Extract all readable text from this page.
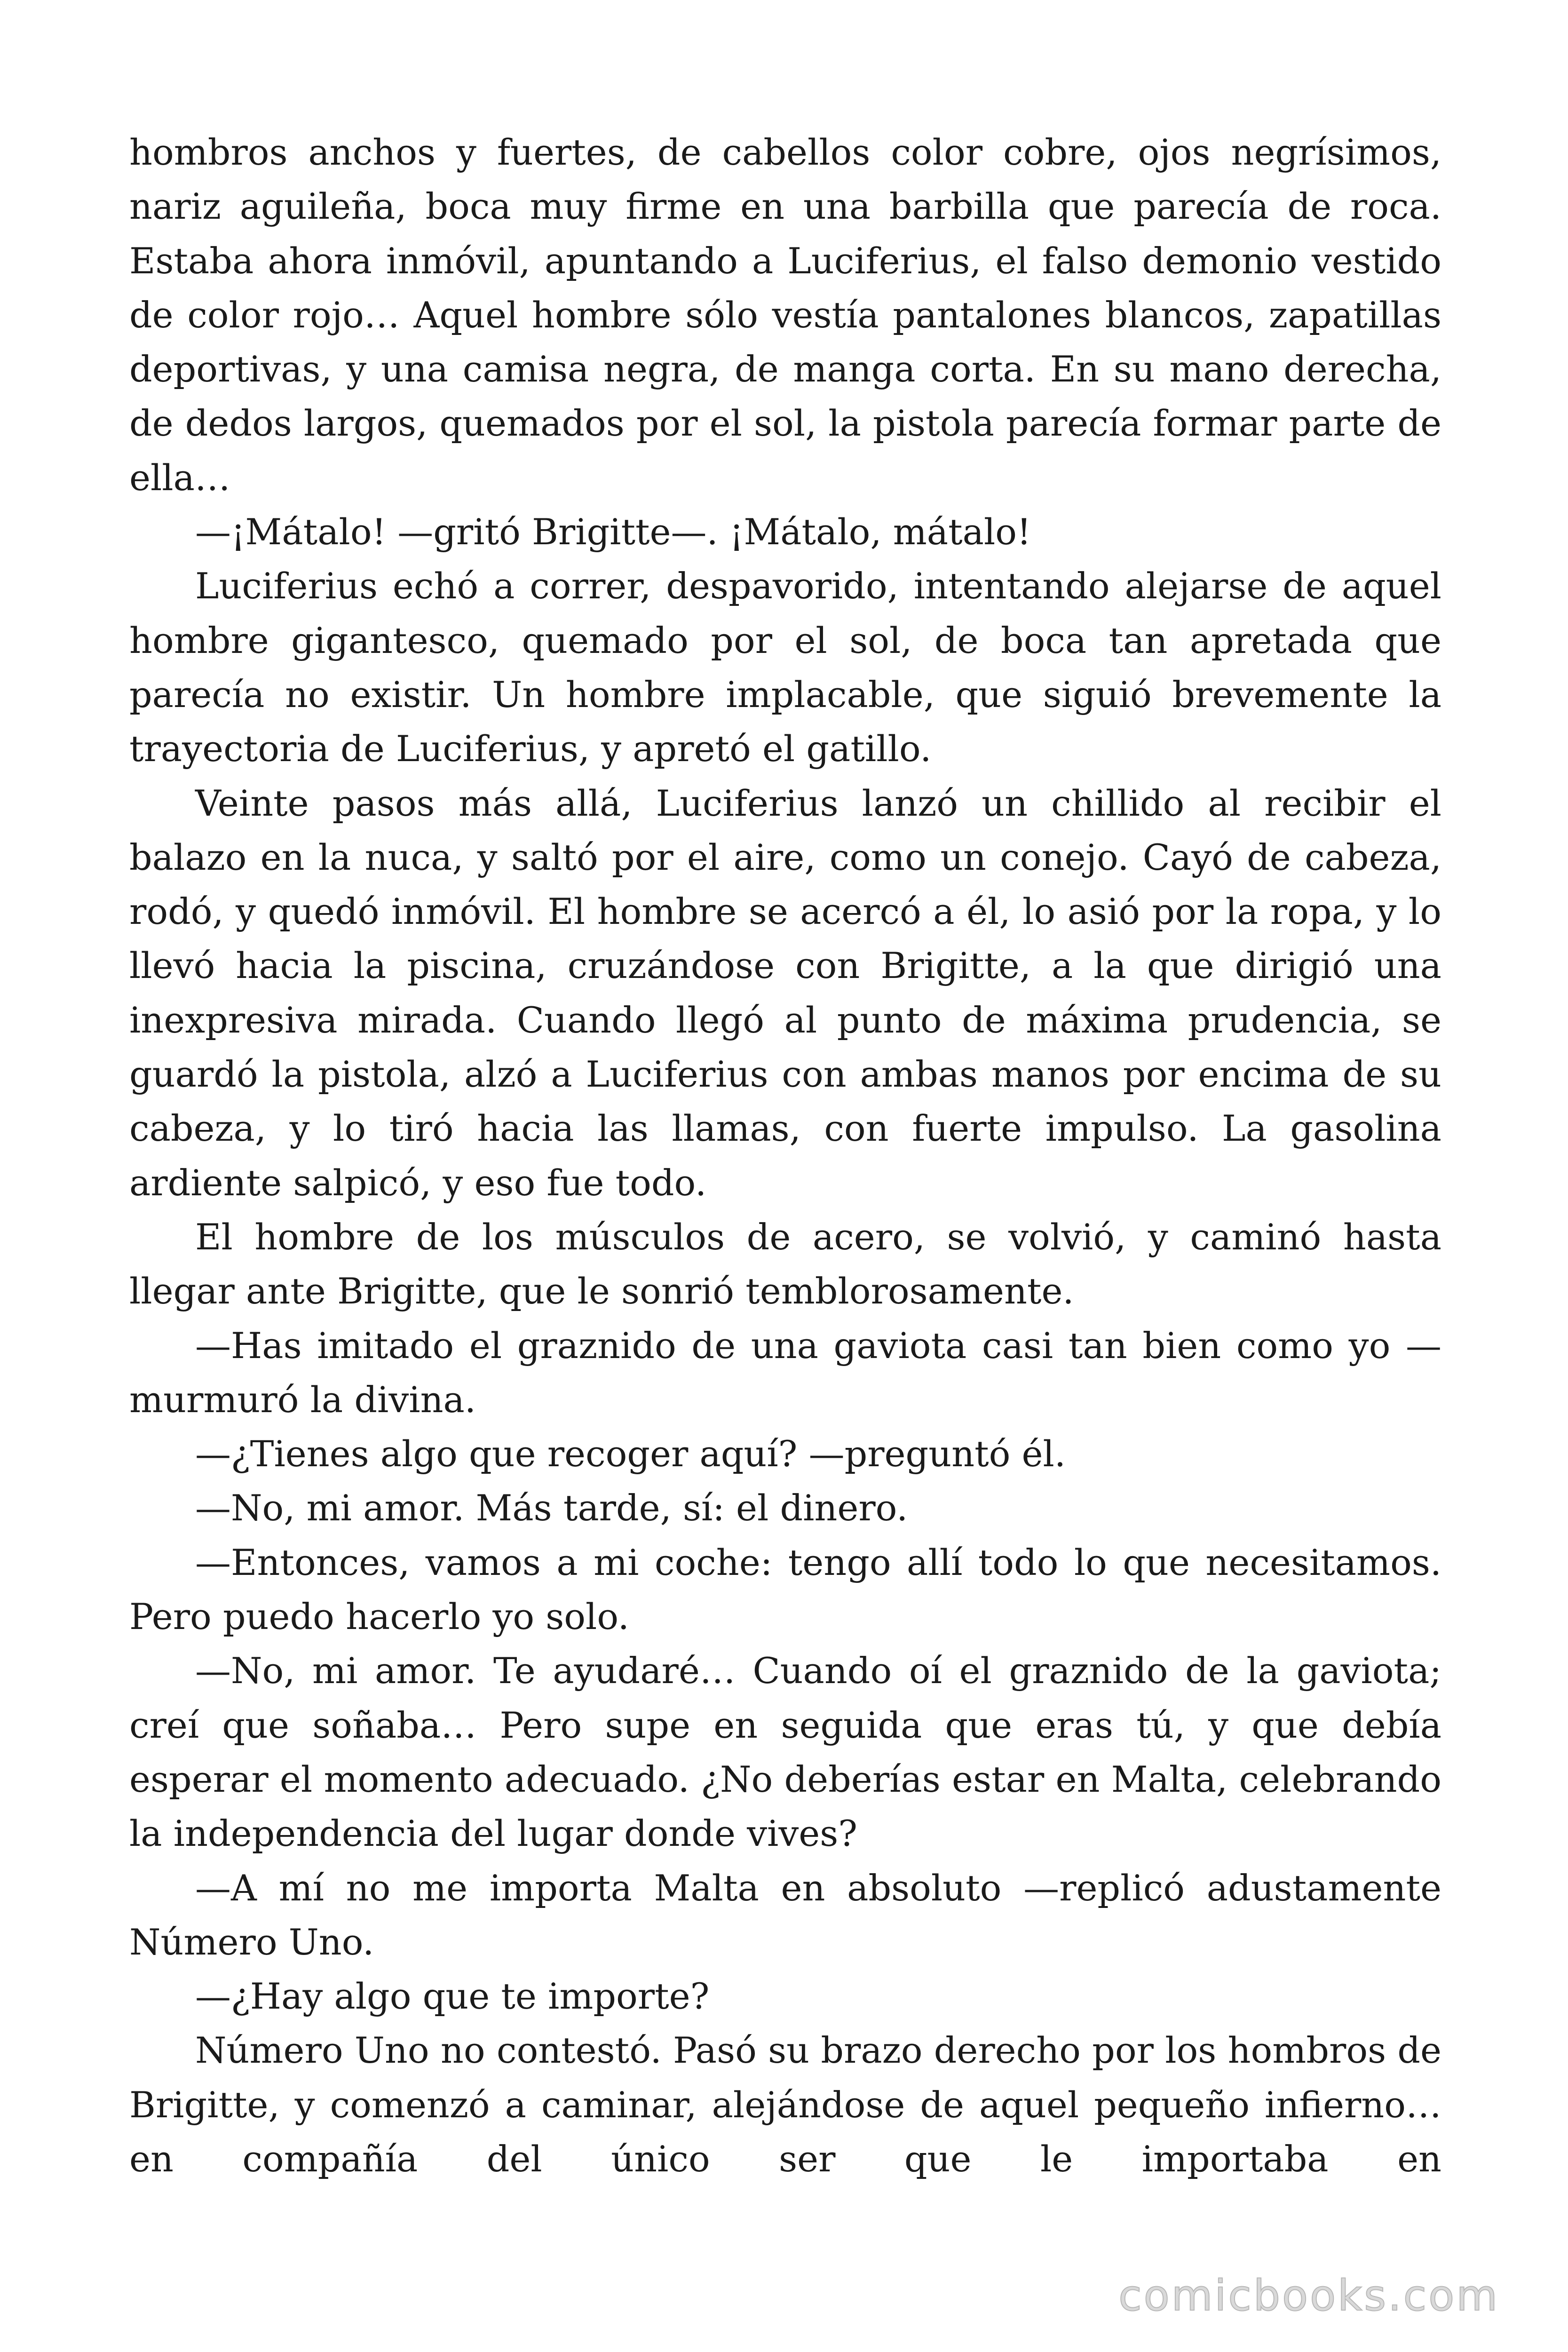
hombros anchos y fuertes, de cabellos color cobre, ojos negrísimos, nariz aguileña, boca muy firme en una barbilla que parecía de roca. Estaba ahora inmóvil, apuntando a Luciferius, el falso demonio vestido de color rojo… Aquel hombre sólo vestía pantalones blancos, zapatillas deportivas, y una camisa negra, de manga corta. En su mano derecha, de dedos largos, quemados por el sol, la pistola parecía formar parte de ella…

—¡Mátalo! —gritó Brigitte—. ¡Mátalo, mátalo!

Luciferius echó a correr, despavorido, intentando alejarse de aquel hombre gigantesco, quemado por el sol, de boca tan apretada que parecía no existir. Un hombre implacable, que siguió brevemente la trayectoria de Luciferius, y apretó el gatillo.

Veinte pasos más allá, Luciferius lanzó un chillido al recibir el balazo en la nuca, y saltó por el aire, como un conejo. Cayó de cabeza, rodó, y quedó inmóvil. El hombre se acercó a él, lo asió por la ropa, y lo llevó hacia la piscina, cruzándose con Brigitte, a la que dirigió una inexpresiva mirada. Cuando llegó al punto de máxima prudencia, se guardó la pistola, alzó a Luciferius con ambas manos por encima de su cabeza, y lo tiró hacia las llamas, con fuerte impulso. La gasolina ardiente salpicó, y eso fue todo.

El hombre de los músculos de acero, se volvió, y caminó hasta llegar ante Brigitte, que le sonrió temblorosamente.

—Has imitado el graznido de una gaviota casi tan bien como yo —murmuró la divina.

—¿Tienes algo que recoger aquí? —preguntó él.

—No, mi amor. Más tarde, sí: el dinero.

—Entonces, vamos a mi coche: tengo allí todo lo que necesitamos. Pero puedo hacerlo yo solo.

—No, mi amor. Te ayudaré… Cuando oí el graznido de la gaviota; creí que soñaba… Pero supe en seguida que eras tú, y que debía esperar el momento adecuado. ¿No deberías estar en Malta, celebrando la independencia del lugar donde vives?

—A mí no me importa Malta en absoluto —replicó adustamente Número Uno.

—¿Hay algo que te importe?

Número Uno no contestó. Pasó su brazo derecho por los hombros de Brigitte, y comenzó a caminar, alejándose de aquel pequeño infierno… en compañía del único ser que le importaba en

comicbooks.com
